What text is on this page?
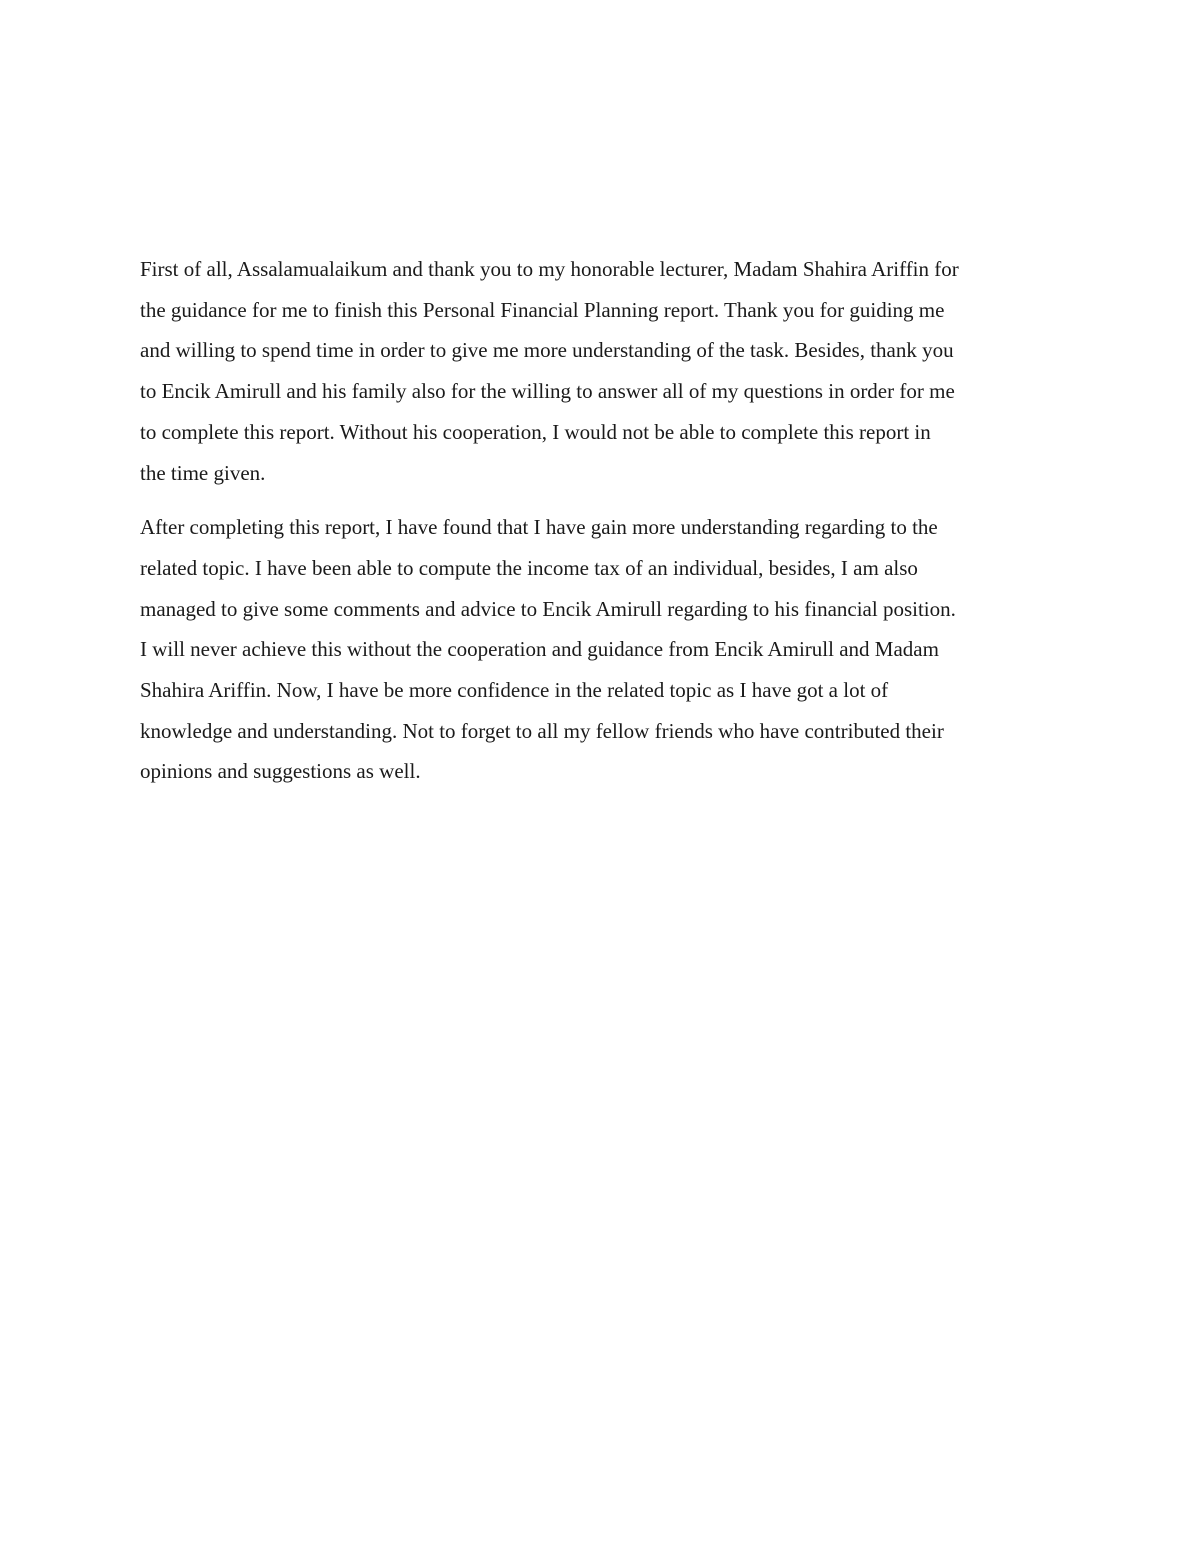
First of all, Assalamualaikum and thank you to my honorable lecturer, Madam Shahira Ariffin for
the guidance for me to finish this Personal Financial Planning report. Thank you for guiding me
and willing to spend time in order to give me more understanding of the task. Besides, thank you
to Encik Amirull and his family also for the willing to answer all of my questions in order for me
to complete this report. Without his cooperation, I would not be able to complete this report in
the time given.

After completing this report, I have found that I have gain more understanding regarding to the
related topic. I have been able to compute the income tax of an individual, besides, I am also
managed to give some comments and advice to Encik Amirull regarding to his financial position.
I will never achieve this without the cooperation and guidance from Encik Amirull and Madam
Shahira Ariffin. Now, I have be more confidence in the related topic as I have got a lot of
knowledge and understanding. Not to forget to all my fellow friends who have contributed their
opinions and suggestions as well.
